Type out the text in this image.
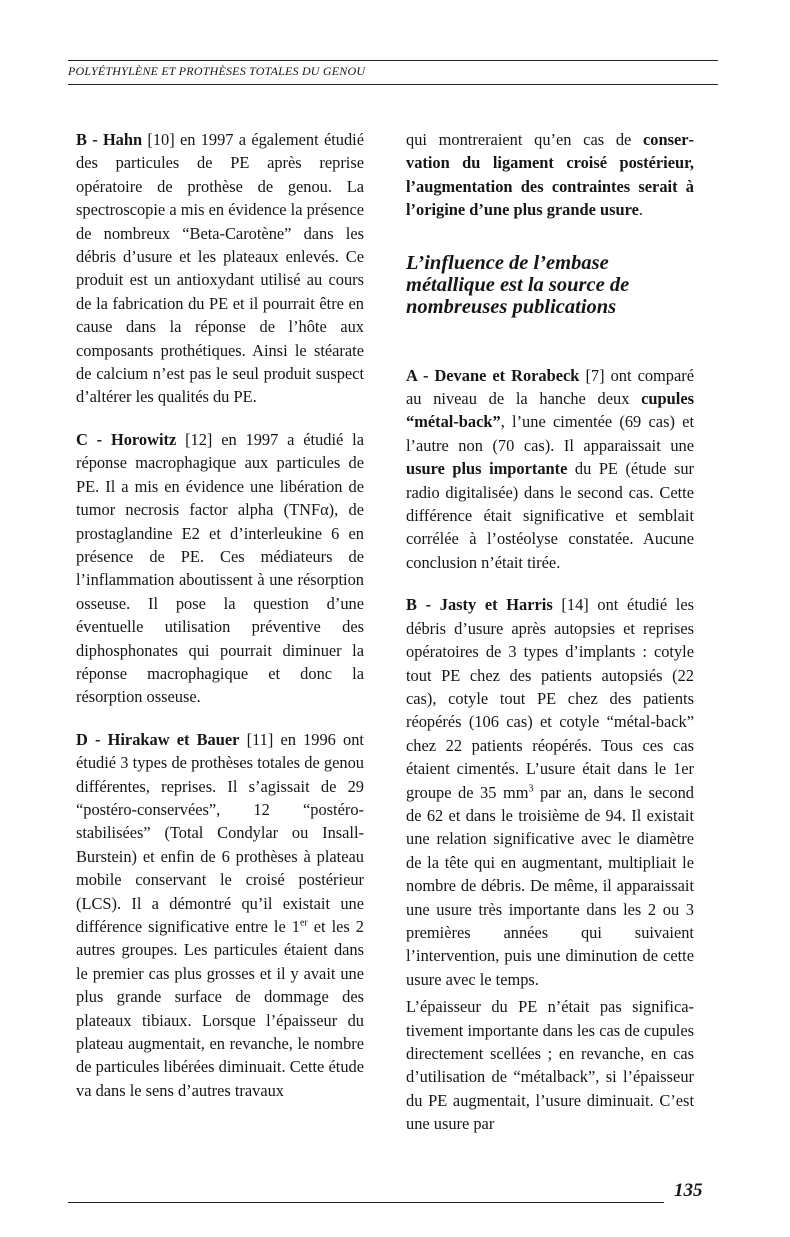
POLYÉTHYLÈNE ET PROTHÈSES TOTALES DU GENOU

B - Hahn [10] en 1997 a également étudié des particules de PE après reprise opératoire de prothèse de genou. La spectroscopie a mis en évidence la présence de nombreux “Beta-Carotène” dans les débris d’usure et les plateaux enlevés. Ce produit est un antioxydant utilisé au cours de la fabrication du PE et il pourrait être en cause dans la réponse de l’hôte aux composants prothétiques. Ainsi le stéarate de calcium n’est pas le seul produit suspect d’altérer les qualités du PE.

C - Horowitz [12] en 1997 a étudié la réponse macrophagique aux particules de PE. Il a mis en évidence une libération de tumor necrosis factor alpha (TNFα), de prostaglandine E2 et d’interleukine 6 en présence de PE. Ces médiateurs de l’inflammation aboutissent à une résorption osseuse. Il pose la question d’une éventuelle utilisation préventive des diphosphonates qui pourrait diminuer la réponse macrophagique et donc la résorption osseuse.

D - Hirakaw et Bauer [11] en 1996 ont étudié 3 types de prothèses totales de genou différentes, reprises. Il s’agissait de 29 “postéro-conservées”, 12 “postéro-stabilisées” (Total Condylar ou Insall-Burstein) et enfin de 6 prothèses à plateau mobile conservant le croisé postérieur (LCS). Il a démontré qu’il existait une différence significative entre le 1er et les 2 autres groupes. Les particules étaient dans le premier cas plus grosses et il y avait une plus grande surface de dommage des plateaux tibiaux. Lorsque l’épaisseur du plateau augmentait, en revanche, le nombre de particules libérées diminuait. Cette étude va dans le sens d’autres travaux

qui montreraient qu’en cas de conservation du ligament croisé postérieur, l’augmentation des contraintes serait à l’origine d’une plus grande usure.

L’influence de l’embase métallique est la source de nombreuses publications

A - Devane et Rorabeck [7] ont comparé au niveau de la hanche deux cupules “métal-back”, l’une cimentée (69 cas) et l’autre non (70 cas). Il apparaissait une usure plus importante du PE (étude sur radio digitalisée) dans le second cas. Cette différence était significative et semblait corrélée à l’ostéolyse constatée. Aucune conclusion n’était tirée.

B - Jasty et Harris [14] ont étudié les débris d’usure après autopsies et reprises opératoires de 3 types d’implants : cotyle tout PE chez des patients autopsiés (22 cas), cotyle tout PE chez des patients réopérés (106 cas) et cotyle “métal-back” chez 22 patients réopérés. Tous ces cas étaient cimentés. L’usure était dans le 1er groupe de 35 $mm^3$ par an, dans le second de 62 et dans le troisième de 94. Il existait une relation significative avec le diamètre de la tête qui en augmentant, multipliait le nombre de débris. De même, il apparaissait une usure très importante dans les 2 ou 3 premières années qui suivaient l’intervention, puis une diminution de cette usure avec le temps.

L’épaisseur du PE n’était pas significativement importante dans les cas de cupules directement scellées ; en revanche, en cas d’utilisation de “métalback”, si l’épaisseur du PE augmentait, l’usure diminuait. C’est une usure par

135
